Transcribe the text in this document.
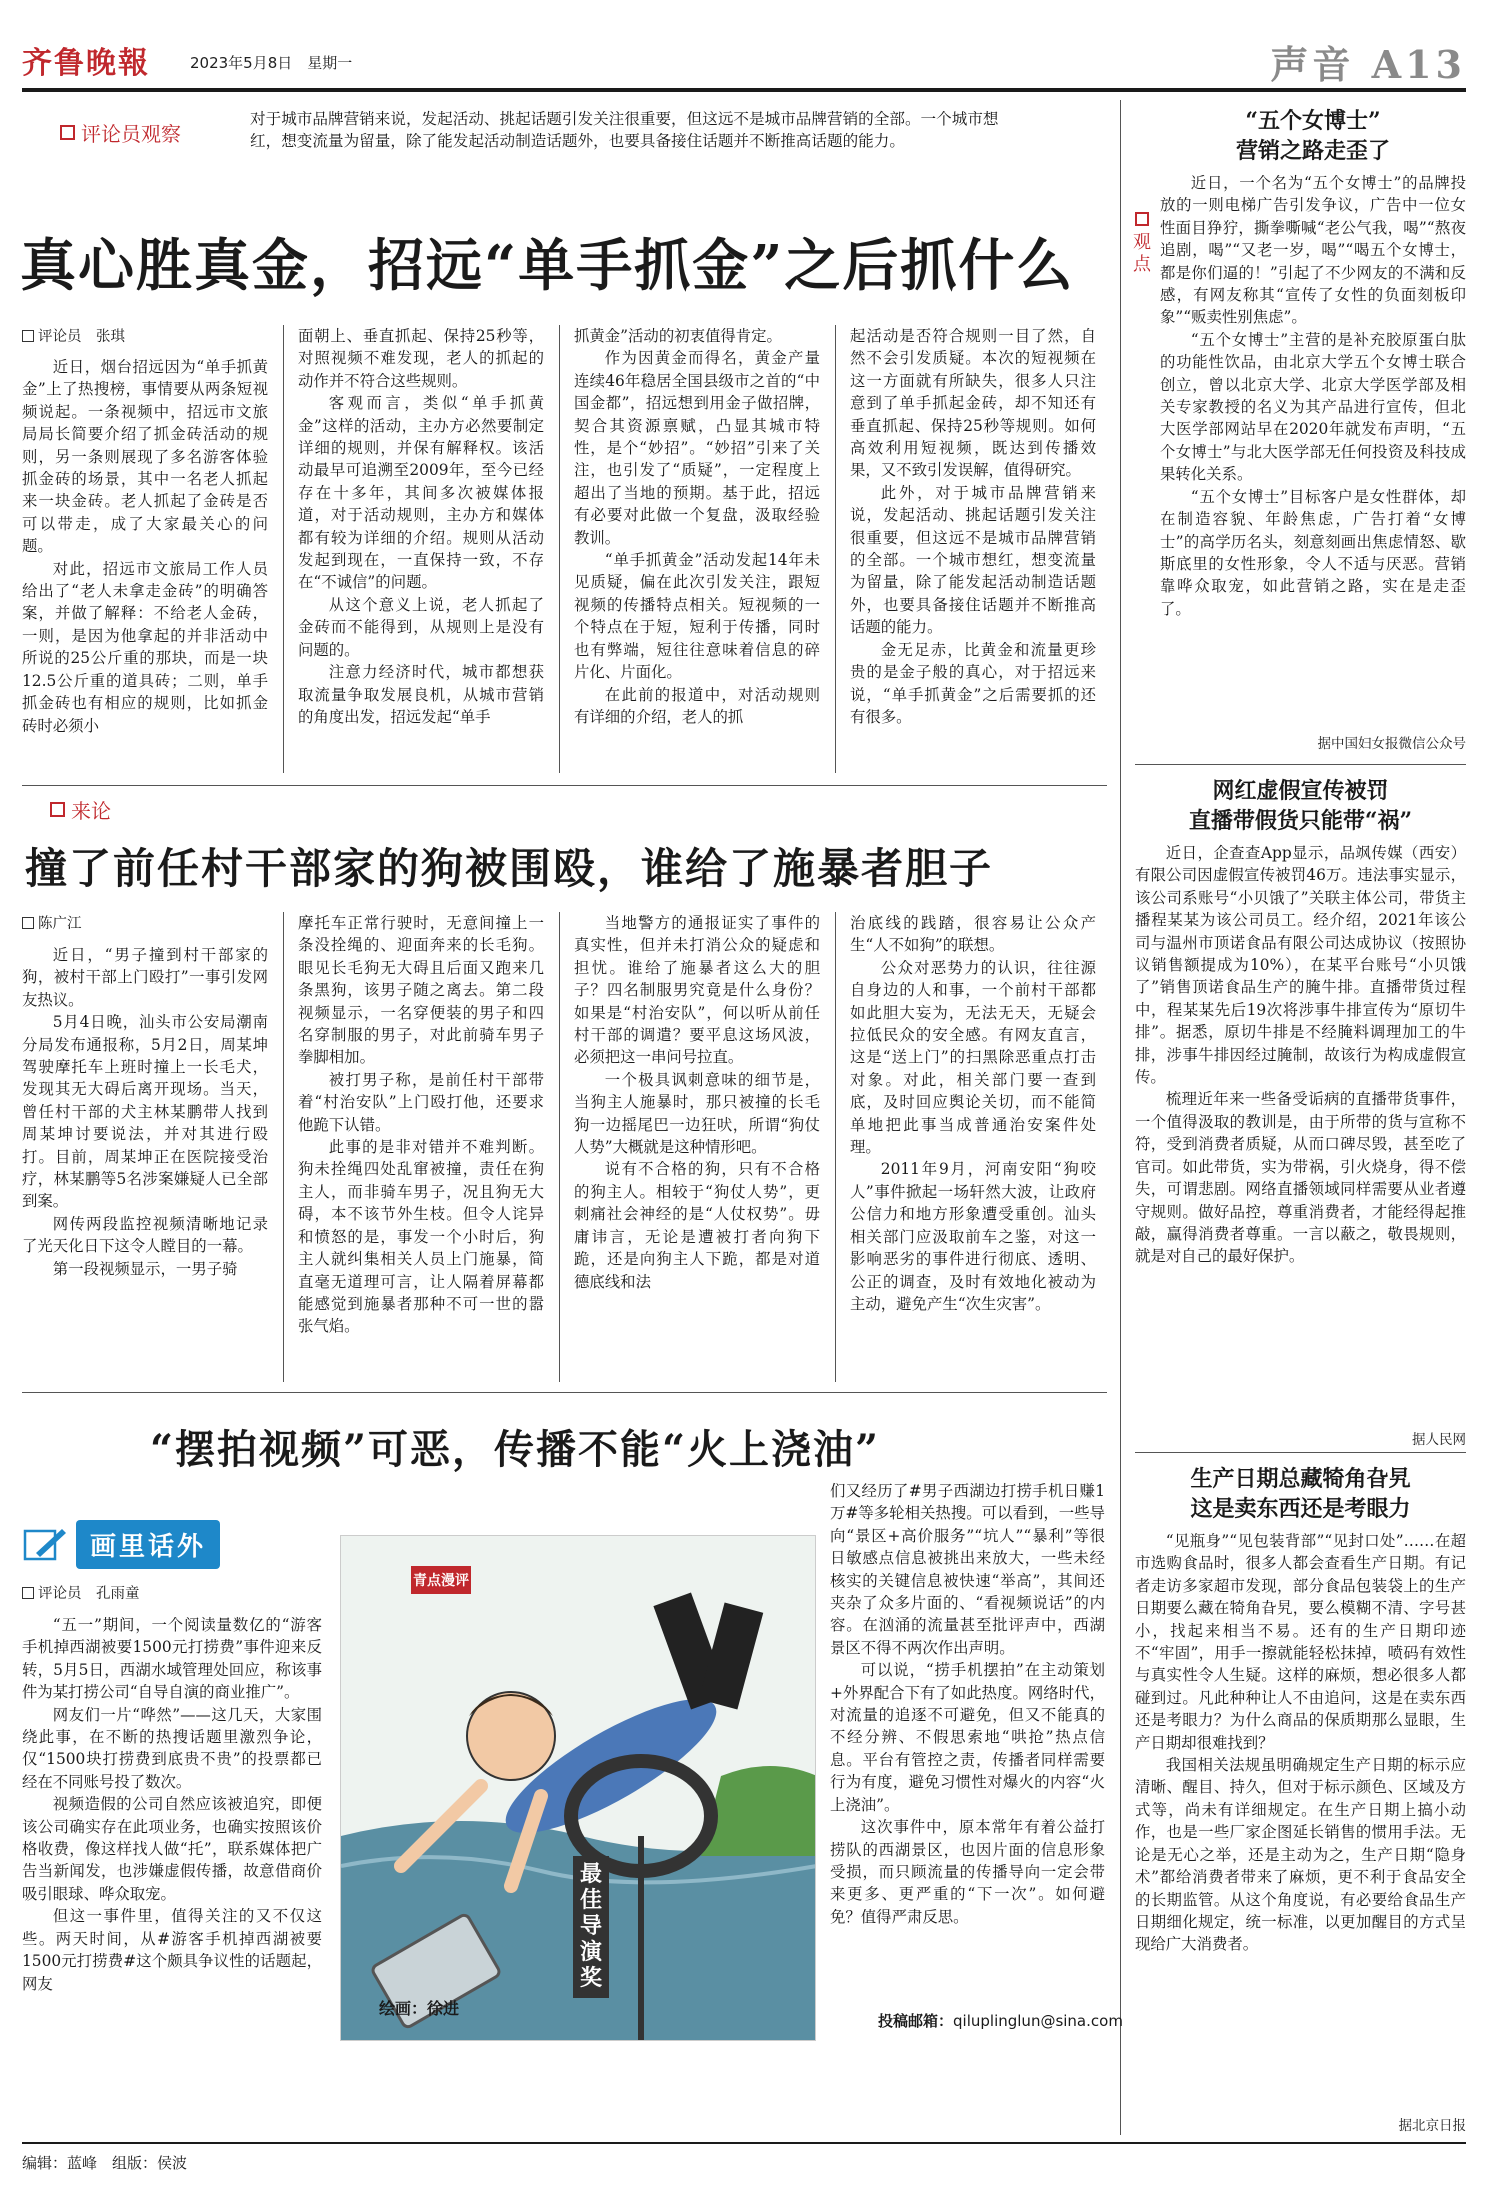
齐鲁晚報	2023年5月8日　星期一	声音 A13
评论员观察
对于城市品牌营销来说，发起活动、挑起话题引发关注很重要，但这远不是城市品牌营销的全部。一个城市想红，想变流量为留量，除了能发起活动制造话题外，也要具备接住话题并不断推高话题的能力。
真心胜真金，招远“单手抓金”之后抓什么
评论员　张琪

近日，烟台招远因为“单手抓黄金”上了热搜榜，事情要从两条短视频说起。一条视频中，招远市文旅局局长简要介绍了抓金砖活动的规则，另一条则展现了多名游客体验抓金砖的场景，其中一名老人抓起来一块金砖。老人抓起了金砖是否可以带走，成了大家最关心的问题。

对此，招远市文旅局工作人员给出了“老人未拿走金砖”的明确答案，并做了解释：不给老人金砖，一则，是因为他拿起的并非活动中所说的25公斤重的那块，而是一块12.5公斤重的道具砖；二则，单手抓金砖也有相应的规则，比如抓金砖时必须小

面朝上、垂直抓起、保持25秒等，对照视频不难发现，老人的抓起的动作并不符合这些规则。

客观而言，类似“单手抓黄金”这样的活动，主办方必然要制定详细的规则，并保有解释权。该活动最早可追溯至2009年，至今已经存在十多年，其间多次被媒体报道，对于活动规则，主办方和媒体都有较为详细的介绍。规则从活动发起到现在，一直保持一致，不存在“不诚信”的问题。

从这个意义上说，老人抓起了金砖而不能得到，从规则上是没有问题的。

注意力经济时代，城市都想获取流量争取发展良机，从城市营销的角度出发，招远发起“单手

抓黄金”活动的初衷值得肯定。

作为因黄金而得名，黄金产量连续46年稳居全国县级市之首的“中国金都”，招远想到用金子做招牌，契合其资源禀赋，凸显其城市特性，是个“妙招”。“妙招”引来了关注，也引发了“质疑”，一定程度上超出了当地的预期。基于此，招远有必要对此做一个复盘，汲取经验教训。

“单手抓黄金”活动发起14年未见质疑，偏在此次引发关注，跟短视频的传播特点相关。短视频的一个特点在于短，短利于传播，同时也有弊端，短往往意味着信息的碎片化、片面化。

在此前的报道中，对活动规则有详细的介绍，老人的抓

起活动是否符合规则一目了然，自然不会引发质疑。本次的短视频在这一方面就有所缺失，很多人只注意到了单手抓起金砖，却不知还有垂直抓起、保持25秒等规则。如何高效利用短视频，既达到传播效果，又不致引发误解，值得研究。

此外，对于城市品牌营销来说，发起活动、挑起话题引发关注很重要，但这远不是城市品牌营销的全部。一个城市想红，想变流量为留量，除了能发起活动制造话题外，也要具备接住话题并不断推高话题的能力。

金无足赤，比黄金和流量更珍贵的是金子般的真心，对于招远来说，“单手抓黄金”之后需要抓的还有很多。

来论
撞了前任村干部家的狗被围殴，谁给了施暴者胆子
陈广江

近日，“男子撞到村干部家的狗，被村干部上门殴打”一事引发网友热议。

5月4日晚，汕头市公安局潮南分局发布通报称，5月2日，周某坤驾驶摩托车上班时撞上一长毛犬，发现其无大碍后离开现场。当天，曾任村干部的犬主林某鹏带人找到周某坤讨要说法，并对其进行殴打。目前，周某坤正在医院接受治疗，林某鹏等5名涉案嫌疑人已全部到案。

网传两段监控视频清晰地记录了光天化日下这令人瞠目的一幕。

第一段视频显示，一男子骑

摩托车正常行驶时，无意间撞上一条没拴绳的、迎面奔来的长毛狗。眼见长毛狗无大碍且后面又跑来几条黑狗，该男子随之离去。第二段视频显示，一名穿便装的男子和四名穿制服的男子，对此前骑车男子拳脚相加。

被打男子称，是前任村干部带着“村治安队”上门殴打他，还要求他跪下认错。

此事的是非对错并不难判断。狗未拴绳四处乱窜被撞，责任在狗主人，而非骑车男子，况且狗无大碍，本不该节外生枝。但令人诧异和愤怒的是，事发一个小时后，狗主人就纠集相关人员上门施暴，简直毫无道理可言，让人隔着屏幕都能感觉到施暴者那种不可一世的嚣张气焰。

当地警方的通报证实了事件的真实性，但并未打消公众的疑虑和担忧。谁给了施暴者这么大的胆子？四名制服男究竟是什么身份？如果是“村治安队”，何以听从前任村干部的调遣？要平息这场风波，必须把这一串问号拉直。

一个极具讽刺意味的细节是，当狗主人施暴时，那只被撞的长毛狗一边摇尾巴一边狂吠，所谓“狗仗人势”大概就是这种情形吧。

说有不合格的狗，只有不合格的狗主人。相较于“狗仗人势”，更刺痛社会神经的是“人仗权势”。毋庸讳言，无论是遭被打者向狗下跪，还是向狗主人下跪，都是对道德底线和法

治底线的践踏，很容易让公众产生“人不如狗”的联想。

公众对恶势力的认识，往往源自身边的人和事，一个前村干部都如此胆大妄为，无法无天，无疑会拉低民众的安全感。有网友直言，这是“送上门”的扫黑除恶重点打击对象。对此，相关部门要一查到底，及时回应舆论关切，而不能简单地把此事当成普通治安案件处理。

2011年9月，河南安阳“狗咬人”事件掀起一场轩然大波，让政府公信力和地方形象遭受重创。汕头相关部门应汲取前车之鉴，对这一影响恶劣的事件进行彻底、透明、公正的调查，及时有效地化被动为主动，避免产生“次生灾害”。

“摆拍视频”可恶，传播不能“火上浇油”
画里话外
评论员　孔雨童

“五一”期间，一个阅读量数亿的“游客手机掉西湖被要1500元打捞费”事件迎来反转，5月5日，西湖水域管理处回应，称该事件为某打捞公司“自导自演的商业推广”。

网友们一片“哗然”——这几天，大家围绕此事，在不断的热搜话题里激烈争论，仅“1500块打捞费到底贵不贵”的投票都已经在不同账号投了数次。

视频造假的公司自然应该被追究，即便该公司确实存在此项业务，也确实按照该价格收费，像这样找人做“托”，联系媒体把广告当新闻发，也涉嫌虚假传播，故意借商价吸引眼球、哗众取宠。

但这一事件里，值得关注的又不仅这些。两天时间，从#游客手机掉西湖被要1500元打捞费#这个颇具争议性的话题起，网友

青点漫评
最佳导演奖
绘画：徐进

们又经历了#男子西湖边打捞手机日赚1万#等多轮相关热搜。可以看到，一些导向“景区+高价服务”“坑人”“暴利”等很日敏感点信息被挑出来放大，一些未经核实的关键信息被快速“举高”，其间还夹杂了众多片面的、“看视频说话”的内容。在汹涌的流量甚至批评声中，西湖景区不得不两次作出声明。

可以说，“捞手机摆拍”在主动策划+外界配合下有了如此热度。网络时代，对流量的追逐不可避免，但又不能真的不经分辨、不假思索地“哄抢”热点信息。平台有管控之责，传播者同样需要行为有度，避免习惯性对爆火的内容“火上浇油”。

这次事件中，原本常年有着公益打捞队的西湖景区，也因片面的信息形象受损，而只顾流量的传播导向一定会带来更多、更严重的“下一次”。如何避免？值得严肃反思。

投稿邮箱：qiluplinglun@sina.com
观点
“五个女博士”
营销之路走歪了

近日，一个名为“五个女博士”的品牌投放的一则电梯广告引发争议，广告中一位女性面目狰狞，撕拳嘶喊“老公气我，喝”“熬夜追剧，喝”“又老一岁，喝”“喝五个女博士，都是你们逼的！”引起了不少网友的不满和反感，有网友称其“宣传了女性的负面刻板印象”“贩卖性别焦虑”。

“五个女博士”主营的是补充胶原蛋白肽的功能性饮品，由北京大学五个女博士联合创立，曾以北京大学、北京大学医学部及相关专家教授的名义为其产品进行宣传，但北大医学部网站早在2020年就发布声明，“五个女博士”与北大医学部无任何投资及科技成果转化关系。

“五个女博士”目标客户是女性群体，却在制造容貌、年龄焦虑，广告打着“女博士”的高学历名头，刻意刻画出焦虑情怒、歇斯底里的女性形象，令人不适与厌恶。营销靠哗众取宠，如此营销之路，实在是走歪了。

据中国妇女报微信公众号
网红虚假宣传被罚
直播带假货只能带“祸”

近日，企查查App显示，品飒传媒（西安）有限公司因虚假宣传被罚46万。违法事实显示，该公司系账号“小贝饿了”关联主体公司，带货主播程某某为该公司员工。经介绍，2021年该公司与温州市顶诺食品有限公司达成协议（按照协议销售额提成为10%），在某平台账号“小贝饿了”销售顶诺食品生产的腌牛排。直播带货过程中，程某某先后19次将涉事牛排宣传为“原切牛排”。据悉，原切牛排是不经腌料调理加工的牛排，涉事牛排因经过腌制，故该行为构成虚假宣传。

梳理近年来一些备受诟病的直播带货事件，一个值得汲取的教训是，由于所带的货与宣称不符，受到消费者质疑，从而口碑尽毁，甚至吃了官司。如此带货，实为带祸，引火烧身，得不偿失，可谓悲剧。网络直播领域同样需要从业者遵守规则。做好品控，尊重消费者，才能经得起推敲，赢得消费者尊重。一言以蔽之，敬畏规则，就是对自己的最好保护。

据人民网
生产日期总藏犄角旮旯
这是卖东西还是考眼力

“见瓶身”“见包装背部”“见封口处”……在超市选购食品时，很多人都会查看生产日期。有记者走访多家超市发现，部分食品包装袋上的生产日期要么藏在犄角旮旯，要么模糊不清、字号甚小，找起来相当不易。还有的生产日期印迹不“牢固”，用手一擦就能轻松抹掉，喷码有效性与真实性令人生疑。这样的麻烦，想必很多人都碰到过。凡此种种让人不由追问，这是在卖东西还是考眼力？为什么商品的保质期那么显眼，生产日期却很难找到？

我国相关法规虽明确规定生产日期的标示应清晰、醒目、持久，但对于标示颜色、区域及方式等，尚未有详细规定。在生产日期上搞小动作，也是一些厂家企图延长销售的惯用手法。无论是无心之举，还是主动为之，生产日期“隐身术”都给消费者带来了麻烦，更不利于食品安全的长期监管。从这个角度说，有必要给食品生产日期细化规定，统一标准，以更加醒目的方式呈现给广大消费者。

据北京日报
编辑：蓝峰　组版：侯波
